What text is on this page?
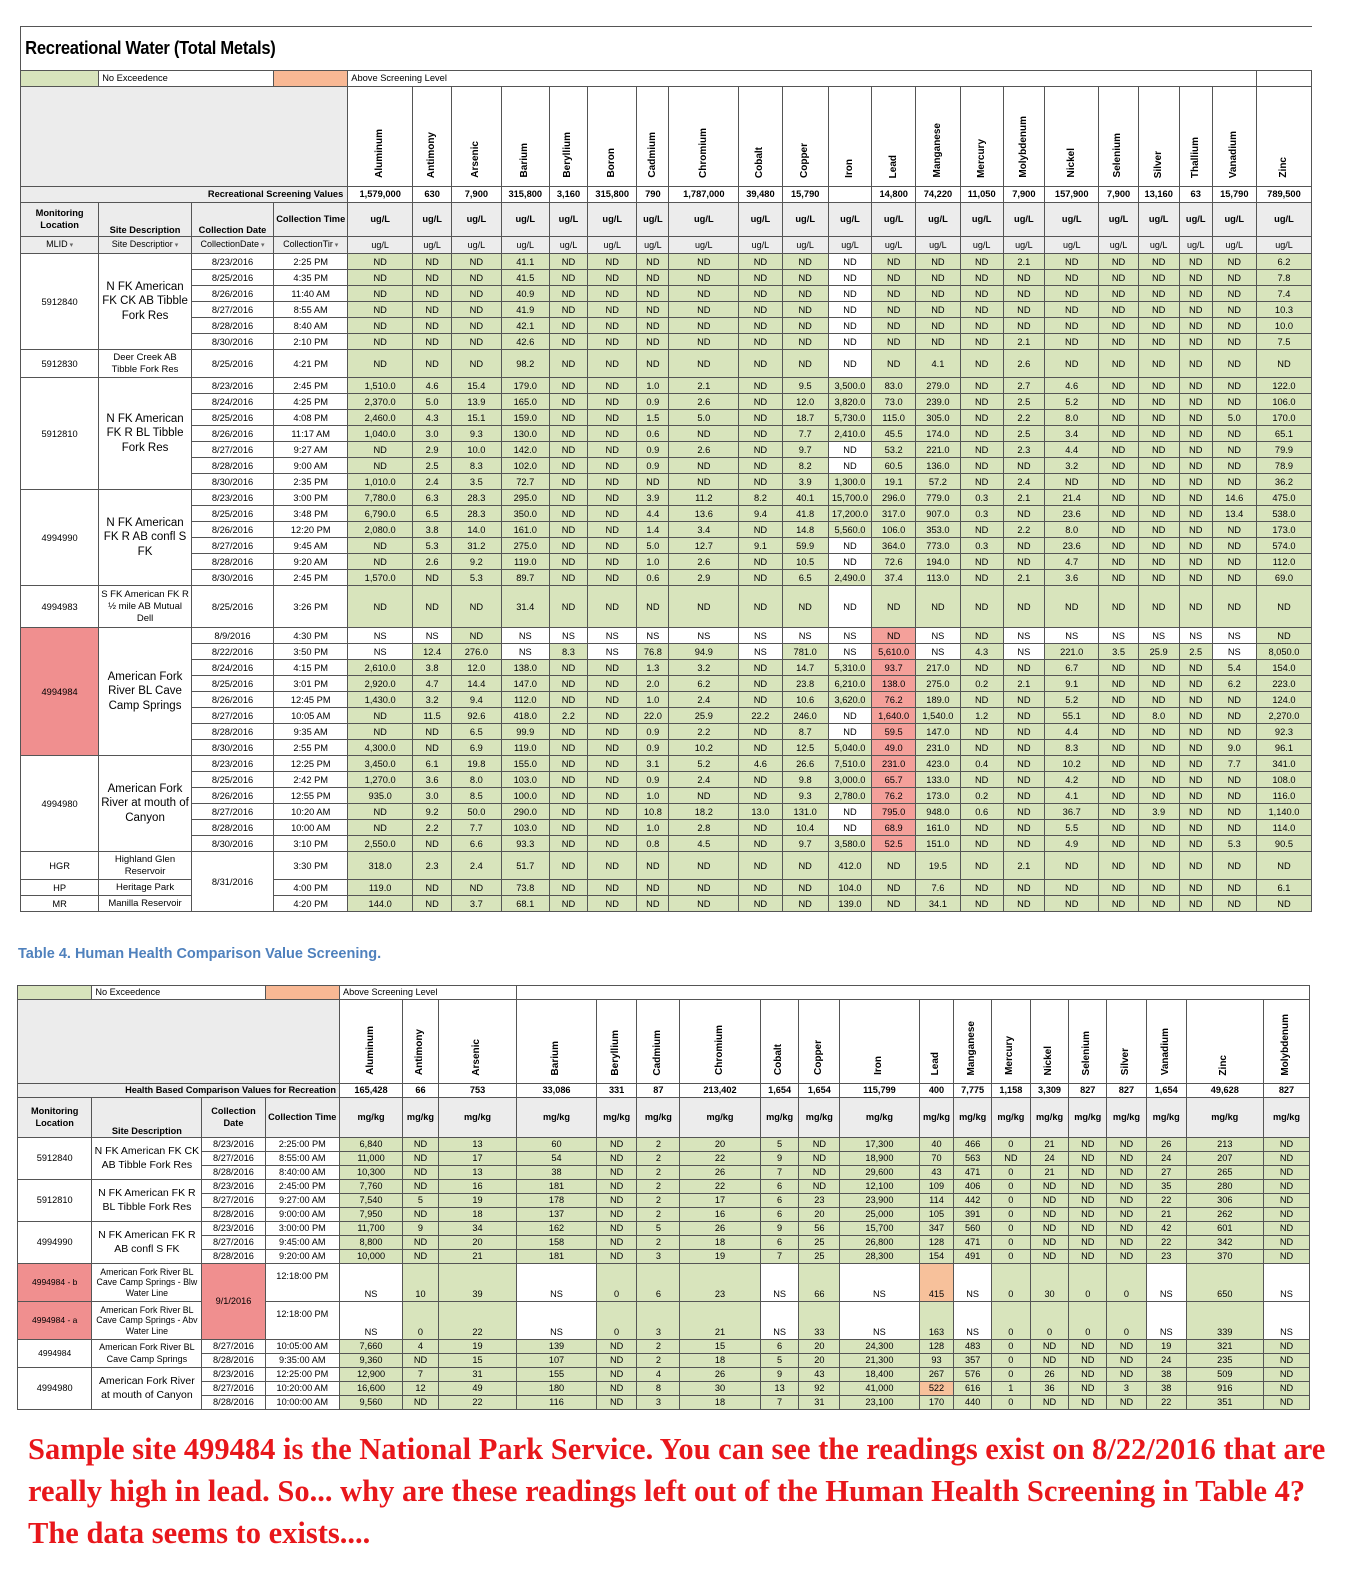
Recreational Water (Total Metals)																								
	No Exceedence			Above Screening Level																				
				Aluminum	Antimony	Arsenic	Barium	Beryllium	Boron	Cadmium	Chromium	Cobalt	Copper	Iron	Lead	Manganese	Mercury	Molybdenum	Nickel	Selenium	Silver	Thallium	Vanadium	Zinc
Recreational Screening Values				1,579,000	630	7,900	315,800	3,160	315,800	790	1,787,000	39,480	15,790		14,800	74,220	11,050	7,900	157,900	7,900	13,160	63	15,790	789,500
Monitoring Location	Site Description	Collection Date	Collection Time	ug/L	ug/L	ug/L	ug/L	ug/L	ug/L	ug/L	ug/L	ug/L	ug/L	ug/L	ug/L	ug/L	ug/L	ug/L	ug/L	ug/L	ug/L	ug/L	ug/L	ug/L
MLID ▾	Site Descriptior ▾	CollectionDate ▾	CollectionTir ▾	ug/L	ug/L	ug/L	ug/L	ug/L	ug/L	ug/L	ug/L	ug/L	ug/L	ug/L	ug/L	ug/L	ug/L	ug/L	ug/L	ug/L	ug/L	ug/L	ug/L	ug/L
5912840	N FK American FK CK AB Tibble Fork Res	8/23/2016	2:25 PM	ND	ND	ND	41.1	ND	ND	ND	ND	ND	ND	ND	ND	ND	ND	2.1	ND	ND	ND	ND	ND	6.2
		8/25/2016	4:35 PM	ND	ND	ND	41.5	ND	ND	ND	ND	ND	ND	ND	ND	ND	ND	ND	ND	ND	ND	ND	ND	7.8
		8/26/2016	11:40 AM	ND	ND	ND	40.9	ND	ND	ND	ND	ND	ND	ND	ND	ND	ND	ND	ND	ND	ND	ND	ND	7.4
		8/27/2016	8:55 AM	ND	ND	ND	41.9	ND	ND	ND	ND	ND	ND	ND	ND	ND	ND	ND	ND	ND	ND	ND	ND	10.3
		8/28/2016	8:40 AM	ND	ND	ND	42.1	ND	ND	ND	ND	ND	ND	ND	ND	ND	ND	ND	ND	ND	ND	ND	ND	10.0
		8/30/2016	2:10 PM	ND	ND	ND	42.6	ND	ND	ND	ND	ND	ND	ND	ND	ND	ND	2.1	ND	ND	ND	ND	ND	7.5
5912830	Deer Creek AB Tibble Fork Res	8/25/2016	4:21 PM	ND	ND	ND	98.2	ND	ND	ND	ND	ND	ND	ND	ND	4.1	ND	2.6	ND	ND	ND	ND	ND	ND
5912810	N FK American FK R BL Tibble Fork Res	8/23/2016	2:45 PM	1,510.0	4.6	15.4	179.0	ND	ND	1.0	2.1	ND	9.5	3,500.0	83.0	279.0	ND	2.7	4.6	ND	ND	ND	ND	122.0
		8/24/2016	4:25 PM	2,370.0	5.0	13.9	165.0	ND	ND	0.9	2.6	ND	12.0	3,820.0	73.0	239.0	ND	2.5	5.2	ND	ND	ND	ND	106.0
		8/25/2016	4:08 PM	2,460.0	4.3	15.1	159.0	ND	ND	1.5	5.0	ND	18.7	5,730.0	115.0	305.0	ND	2.2	8.0	ND	ND	ND	5.0	170.0
		8/26/2016	11:17 AM	1,040.0	3.0	9.3	130.0	ND	ND	0.6	ND	ND	7.7	2,410.0	45.5	174.0	ND	2.5	3.4	ND	ND	ND	ND	65.1
		8/27/2016	9:27 AM	ND	2.9	10.0	142.0	ND	ND	0.9	2.6	ND	9.7	ND	53.2	221.0	ND	2.3	4.4	ND	ND	ND	ND	79.9
		8/28/2016	9:00 AM	ND	2.5	8.3	102.0	ND	ND	0.9	ND	ND	8.2	ND	60.5	136.0	ND	ND	3.2	ND	ND	ND	ND	78.9
		8/30/2016	2:35 PM	1,010.0	2.4	3.5	72.7	ND	ND	ND	ND	ND	3.9	1,300.0	19.1	57.2	ND	2.4	ND	ND	ND	ND	ND	36.2
4994990	N FK American FK R AB confl S FK	8/23/2016	3:00 PM	7,780.0	6.3	28.3	295.0	ND	ND	3.9	11.2	8.2	40.1	15,700.0	296.0	779.0	0.3	2.1	21.4	ND	ND	ND	14.6	475.0
		8/25/2016	3:48 PM	6,790.0	6.5	28.3	350.0	ND	ND	4.4	13.6	9.4	41.8	17,200.0	317.0	907.0	0.3	ND	23.6	ND	ND	ND	13.4	538.0
		8/26/2016	12:20 PM	2,080.0	3.8	14.0	161.0	ND	ND	1.4	3.4	ND	14.8	5,560.0	106.0	353.0	ND	2.2	8.0	ND	ND	ND	ND	173.0
		8/27/2016	9:45 AM	ND	5.3	31.2	275.0	ND	ND	5.0	12.7	9.1	59.9	ND	364.0	773.0	0.3	ND	23.6	ND	ND	ND	ND	574.0
		8/28/2016	9:20 AM	ND	2.6	9.2	119.0	ND	ND	1.0	2.6	ND	10.5	ND	72.6	194.0	ND	ND	4.7	ND	ND	ND	ND	112.0
		8/30/2016	2:45 PM	1,570.0	ND	5.3	89.7	ND	ND	0.6	2.9	ND	6.5	2,490.0	37.4	113.0	ND	2.1	3.6	ND	ND	ND	ND	69.0
4994983	S FK American FK R ½ mile AB Mutual Dell	8/25/2016	3:26 PM	ND	ND	ND	31.4	ND	ND	ND	ND	ND	ND	ND	ND	ND	ND	ND	ND	ND	ND	ND	ND	ND
4994984	American Fork River BL Cave Camp Springs	8/9/2016	4:30 PM	NS	NS	ND	NS	NS	NS	NS	NS	NS	NS	NS	ND	NS	ND	NS	NS	NS	NS	NS	NS	ND
		8/22/2016	3:50 PM	NS	12.4	276.0	NS	8.3	NS	76.8	94.9	NS	781.0	NS	5,610.0	NS	4.3	NS	221.0	3.5	25.9	2.5	NS	8,050.0
		8/24/2016	4:15 PM	2,610.0	3.8	12.0	138.0	ND	ND	1.3	3.2	ND	14.7	5,310.0	93.7	217.0	ND	ND	6.7	ND	ND	ND	5.4	154.0
		8/25/2016	3:01 PM	2,920.0	4.7	14.4	147.0	ND	ND	2.0	6.2	ND	23.8	6,210.0	138.0	275.0	0.2	2.1	9.1	ND	ND	ND	6.2	223.0
		8/26/2016	12:45 PM	1,430.0	3.2	9.4	112.0	ND	ND	1.0	2.4	ND	10.6	3,620.0	76.2	189.0	ND	ND	5.2	ND	ND	ND	ND	124.0
		8/27/2016	10:05 AM	ND	11.5	92.6	418.0	2.2	ND	22.0	25.9	22.2	246.0	ND	1,640.0	1,540.0	1.2	ND	55.1	ND	8.0	ND	ND	2,270.0
		8/28/2016	9:35 AM	ND	ND	6.5	99.9	ND	ND	0.9	2.2	ND	8.7	ND	59.5	147.0	ND	ND	4.4	ND	ND	ND	ND	92.3
		8/30/2016	2:55 PM	4,300.0	ND	6.9	119.0	ND	ND	0.9	10.2	ND	12.5	5,040.0	49.0	231.0	ND	ND	8.3	ND	ND	ND	9.0	96.1
4994980	American Fork River at mouth of Canyon	8/23/2016	12:25 PM	3,450.0	6.1	19.8	155.0	ND	ND	3.1	5.2	4.6	26.6	7,510.0	231.0	423.0	0.4	ND	10.2	ND	ND	ND	7.7	341.0
		8/25/2016	2:42 PM	1,270.0	3.6	8.0	103.0	ND	ND	0.9	2.4	ND	9.8	3,000.0	65.7	133.0	ND	ND	4.2	ND	ND	ND	ND	108.0
		8/26/2016	12:55 PM	935.0	3.0	8.5	100.0	ND	ND	1.0	ND	ND	9.3	2,780.0	76.2	173.0	0.2	ND	4.1	ND	ND	ND	ND	116.0
		8/27/2016	10:20 AM	ND	9.2	50.0	290.0	ND	ND	10.8	18.2	13.0	131.0	ND	795.0	948.0	0.6	ND	36.7	ND	3.9	ND	ND	1,140.0
		8/28/2016	10:00 AM	ND	2.2	7.7	103.0	ND	ND	1.0	2.8	ND	10.4	ND	68.9	161.0	ND	ND	5.5	ND	ND	ND	ND	114.0
		8/30/2016	3:10 PM	2,550.0	ND	6.6	93.3	ND	ND	0.8	4.5	ND	9.7	3,580.0	52.5	151.0	ND	ND	4.9	ND	ND	ND	5.3	90.5
HGR	Highland Glen Reservoir	8/31/2016	3:30 PM	318.0	2.3	2.4	51.7	ND	ND	ND	ND	ND	ND	412.0	ND	19.5	ND	2.1	ND	ND	ND	ND	ND	ND
HP	Heritage Park		4:00 PM	119.0	ND	ND	73.8	ND	ND	ND	ND	ND	ND	104.0	ND	7.6	ND	ND	ND	ND	ND	ND	ND	6.1
MR	Manilla Reservoir		4:20 PM	144.0	ND	3.7	68.1	ND	ND	ND	ND	ND	ND	139.0	ND	34.1	ND	ND	ND	ND	ND	ND	ND	ND
Table 4. Human Health Comparison Value Screening.
	No Exceedence			Above Screening Level																		
				Aluminum	Antimony	Arsenic	Barium	Beryllium	Cadmium	Chromium	Cobalt	Copper	Iron	Lead	Manganese	Mercury	Nickel	Selenium	Silver	Vanadium	Zinc	Molybdenum
Health Based Comparison Values for Recreation				165,428	66	753	33,086	331	87	213,402	1,654	1,654	115,799	400	7,775	1,158	3,309	827	827	1,654	49,628	827
Monitoring Location	Site Description	Collection Date	Collection Time	mg/kg	mg/kg	mg/kg	mg/kg	mg/kg	mg/kg	mg/kg	mg/kg	mg/kg	mg/kg	mg/kg	mg/kg	mg/kg	mg/kg	mg/kg	mg/kg	mg/kg	mg/kg	mg/kg
5912840	N FK American FK CK AB Tibble Fork Res	8/23/2016	2:25:00 PM	6,840	ND	13	60	ND	2	20	5	ND	17,300	40	466	0	21	ND	ND	26	213	ND
		8/27/2016	8:55:00 AM	11,000	ND	17	54	ND	2	22	9	ND	18,900	70	563	ND	24	ND	ND	24	207	ND
		8/28/2016	8:40:00 AM	10,300	ND	13	38	ND	2	26	7	ND	29,600	43	471	0	21	ND	ND	27	265	ND
5912810	N FK American FK R BL Tibble Fork Res	8/23/2016	2:45:00 PM	7,760	ND	16	181	ND	2	22	6	ND	12,100	109	406	0	ND	ND	ND	35	280	ND
		8/27/2016	9:27:00 AM	7,540	5	19	178	ND	2	17	6	23	23,900	114	442	0	ND	ND	ND	22	306	ND
		8/28/2016	9:00:00 AM	7,950	ND	18	137	ND	2	16	6	20	25,000	105	391	0	ND	ND	ND	21	262	ND
4994990	N FK American FK R AB confl S FK	8/23/2016	3:00:00 PM	11,700	9	34	162	ND	5	26	9	56	15,700	347	560	0	ND	ND	ND	42	601	ND
		8/27/2016	9:45:00 AM	8,800	ND	20	158	ND	2	18	6	25	26,800	128	471	0	ND	ND	ND	22	342	ND
		8/28/2016	9:20:00 AM	10,000	ND	21	181	ND	3	19	7	25	28,300	154	491	0	ND	ND	ND	23	370	ND
4994984 - b	American Fork River BL Cave Camp Springs - Blw Water Line	9/1/2016	12:18:00 PM	NS	10	39	NS	0	6	23	NS	66	NS	415	NS	0	30	0	0	NS	650	NS
4994984 - a	American Fork River BL Cave Camp Springs - Abv Water Line		12:18:00 PM	NS	0	22	NS	0	3	21	NS	33	NS	163	NS	0	0	0	0	NS	339	NS
4994984	American Fork River BL Cave Camp Springs	8/27/2016	10:05:00 AM	7,660	4	19	139	ND	2	15	6	20	24,300	128	483	0	ND	ND	ND	19	321	ND
		8/28/2016	9:35:00 AM	9,360	ND	15	107	ND	2	18	5	20	21,300	93	357	0	ND	ND	ND	24	235	ND
4994980	American Fork River at mouth of Canyon	8/23/2016	12:25:00 PM	12,900	7	31	155	ND	4	26	9	43	18,400	267	576	0	26	ND	ND	38	509	ND
		8/27/2016	10:20:00 AM	16,600	12	49	180	ND	8	30	13	92	41,000	522	616	1	36	ND	3	38	916	ND
		8/28/2016	10:00:00 AM	9,560	ND	22	116	ND	3	18	7	31	23,100	170	440	0	ND	ND	ND	22	351	ND
Sample site 499484 is the National Park Service. You can see the readings exist on 8/22/2016 that are really high in lead. So... why are these readings left out of the Human Health Screening in Table 4? The data seems to exists....
